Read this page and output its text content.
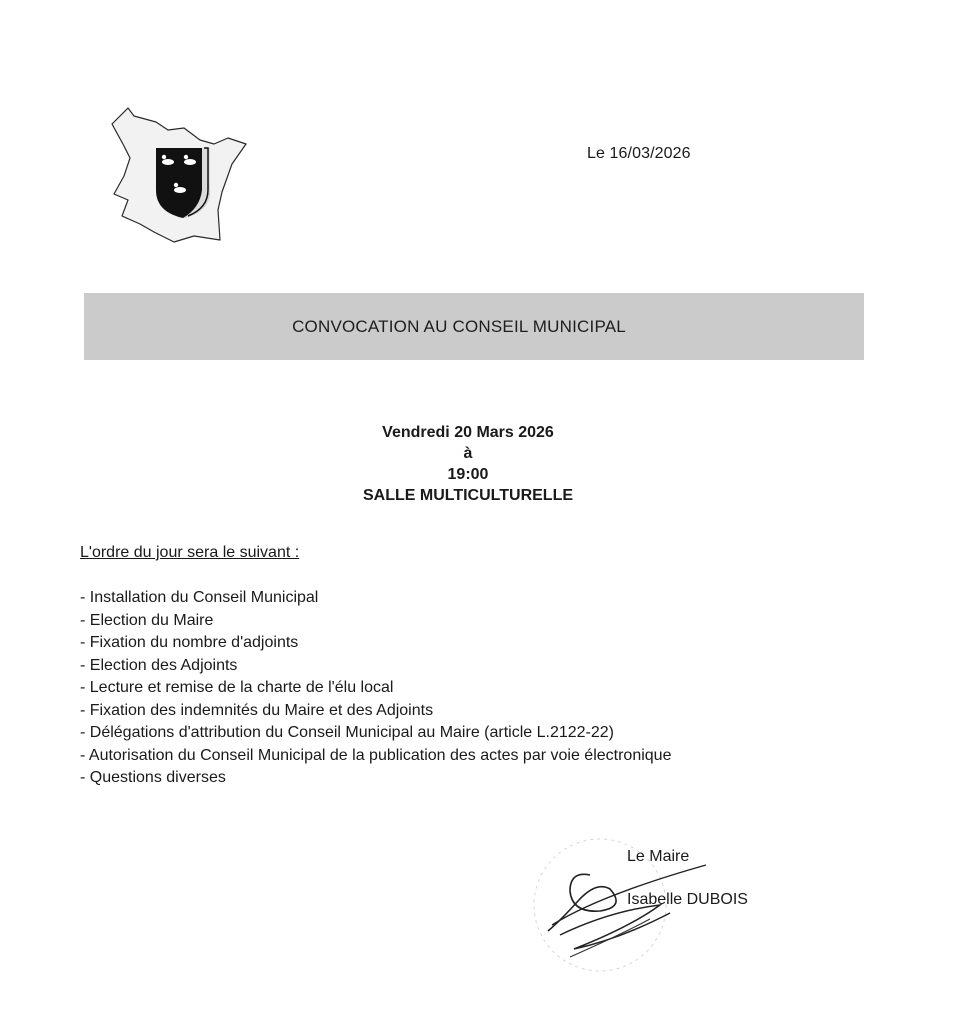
Le 16/03/2026
CONVOCATION AU CONSEIL MUNICIPAL
Vendredi 20 Mars 2026
à
19:00
SALLE MULTICULTURELLE
L'ordre du jour sera le suivant :
- Installation du Conseil Municipal
- Election du Maire
- Fixation du nombre d'adjoints
- Election des Adjoints
- Lecture et remise de la charte de l'élu local
- Fixation des indemnités du Maire et des Adjoints
- Délégations d'attribution du Conseil Municipal au Maire (article L.2122-22)
- Autorisation du Conseil Municipal de la publication des actes par voie électronique
- Questions diverses
Le Maire
Isabelle DUBOIS
